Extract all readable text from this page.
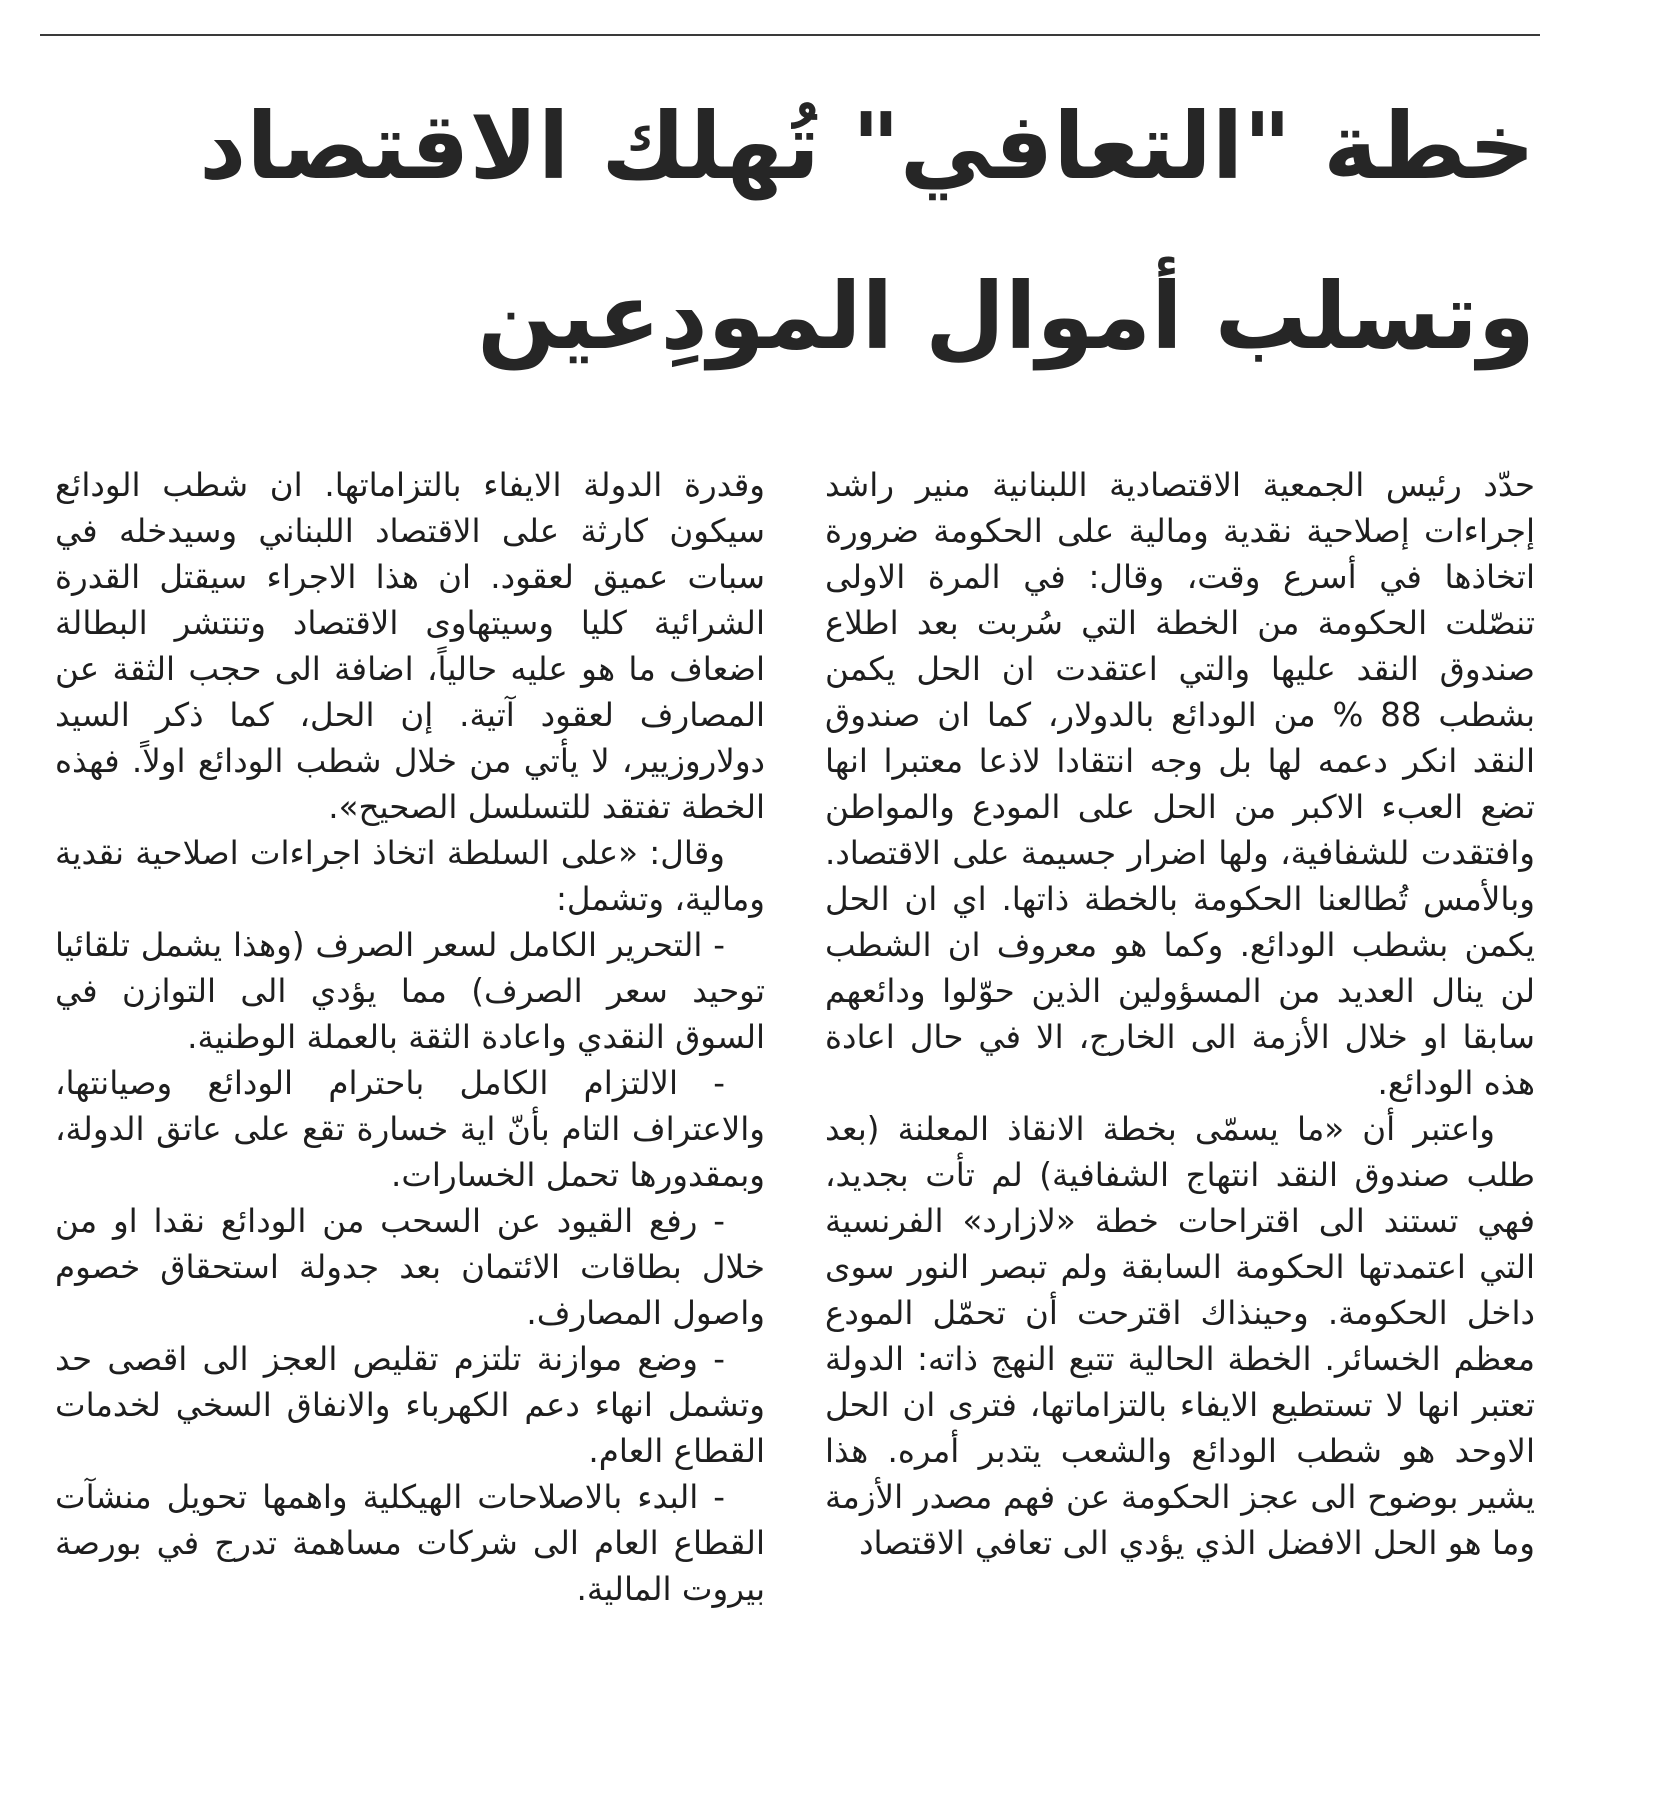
خطة "التعافي" تُهلك الاقتصاد
وتسلب أموال المودِعين

حدّد رئيس الجمعية الاقتصادية اللبنانية منير راشد إجراءات إصلاحية نقدية ومالية على الحكومة ضرورة اتخاذها في أسرع وقت، وقال: في المرة الاولى تنصّلت الحكومة من الخطة التي سُربت بعد اطلاع صندوق النقد عليها والتي اعتقدت ان الحل يكمن بشطب 88 % من الودائع بالدولار، كما ان صندوق النقد انكر دعمه لها بل وجه انتقادا لاذعا معتبرا انها تضع العبء الاكبر من الحل على المودع والمواطن وافتقدت للشفافية، ولها اضرار جسيمة على الاقتصاد. وبالأمس تُطالعنا الحكومة بالخطة ذاتها. اي ان الحل يكمن بشطب الودائع. وكما هو معروف ان الشطب لن ينال العديد من المسؤولين الذين حوّلوا ودائعهم سابقا او خلال الأزمة الى الخارج، الا في حال اعادة هذه الودائع.

واعتبر أن «ما يسمّى بخطة الانقاذ المعلنة (بعد طلب صندوق النقد انتهاج الشفافية) لم تأت بجديد، فهي تستند الى اقتراحات خطة «لازارد» الفرنسية التي اعتمدتها الحكومة السابقة ولم تبصر النور سوى داخل الحكومة. وحينذاك اقترحت أن تحمّل المودع معظم الخسائر. الخطة الحالية تتبع النهج ذاته: الدولة تعتبر انها لا تستطيع الايفاء بالتزاماتها، فترى ان الحل الاوحد هو شطب الودائع والشعب يتدبر أمره. هذا يشير بوضوح الى عجز الحكومة عن فهم مصدر الأزمة وما هو الحل الافضل الذي يؤدي الى تعافي الاقتصاد

وقدرة الدولة الايفاء بالتزاماتها. ان شطب الودائع سيكون كارثة على الاقتصاد اللبناني وسيدخله في سبات عميق لعقود. ان هذا الاجراء سيقتل القدرة الشرائية كليا وسيتهاوى الاقتصاد وتنتشر البطالة اضعاف ما هو عليه حالياً، اضافة الى حجب الثقة عن المصارف لعقود آتية. إن الحل، كما ذكر السيد دولاروزيير، لا يأتي من خلال شطب الودائع اولاً. فهذه الخطة تفتقد للتسلسل الصحيح».

وقال: «على السلطة اتخاذ اجراءات اصلاحية نقدية ومالية، وتشمل:

- التحرير الكامل لسعر الصرف (وهذا يشمل تلقائيا توحيد سعر الصرف) مما يؤدي الى التوازن في السوق النقدي واعادة الثقة بالعملة الوطنية.

- الالتزام الكامل باحترام الودائع وصيانتها، والاعتراف التام بأنّ اية خسارة تقع على عاتق الدولة، وبمقدورها تحمل الخسارات.

- رفع القيود عن السحب من الودائع نقدا او من خلال بطاقات الائتمان بعد جدولة استحقاق خصوم واصول المصارف.

- وضع موازنة تلتزم تقليص العجز الى اقصى حد وتشمل انهاء دعم الكهرباء والانفاق السخي لخدمات القطاع العام.

- البدء بالاصلاحات الهيكلية واهمها تحويل منشآت القطاع العام الى شركات مساهمة تدرج في بورصة بيروت المالية.
